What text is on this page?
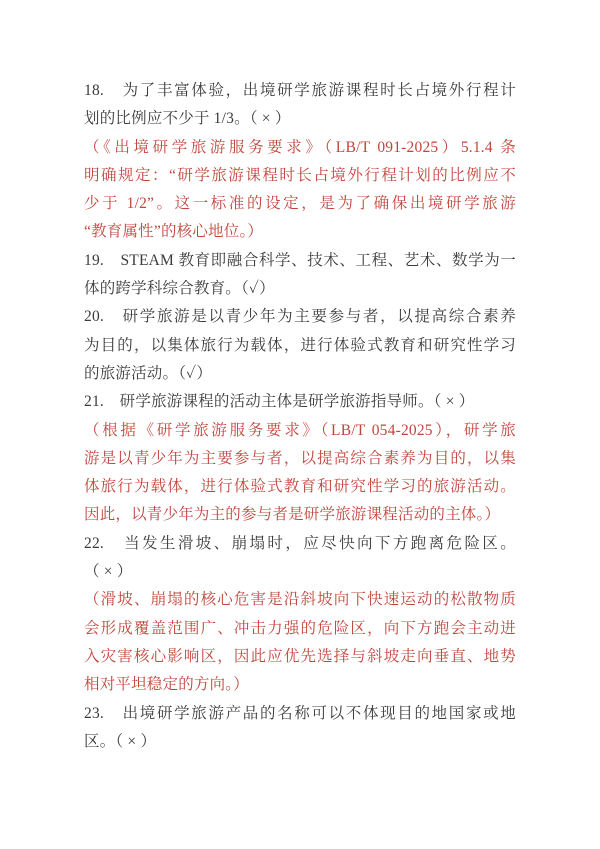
18.　为了丰富体验，出境研学旅游课程时长占境外行程计
划的比例应不少于 1/3。（ × ）
（《出境研学旅游服务要求》（LB/T 091-2025）5.1.4 条
明确规定：“研学旅游课程时长占境外行程计划的比例应不
少于 1/2”。这一标准的设定，是为了确保出境研学旅游
“教育属性”的核心地位。）
19.　STEAM 教育即融合科学、技术、工程、艺术、数学为一
体的跨学科综合教育。（✓）
20.　研学旅游是以青少年为主要参与者，以提高综合素养
为目的，以集体旅行为载体，进行体验式教育和研究性学习
的旅游活动。（✓）
21.　研学旅游课程的活动主体是研学旅游指导师。（ × ）
（根据《研学旅游服务要求》（LB/T 054-2025），研学旅
游是以青少年为主要参与者，以提高综合素养为目的，以集
体旅行为载体，进行体验式教育和研究性学习的旅游活动。
因此，以青少年为主的参与者是研学旅游课程活动的主体。）
22.　当发生滑坡、崩塌时，应尽快向下方跑离危险区。
（ × ）
（滑坡、崩塌的核心危害是沿斜坡向下快速运动的松散物质
会形成覆盖范围广、冲击力强的危险区，向下方跑会主动进
入灾害核心影响区，因此应优先选择与斜坡走向垂直、地势
相对平坦稳定的方向。）
23.　出境研学旅游产品的名称可以不体现目的地国家或地
区。（ × ）
